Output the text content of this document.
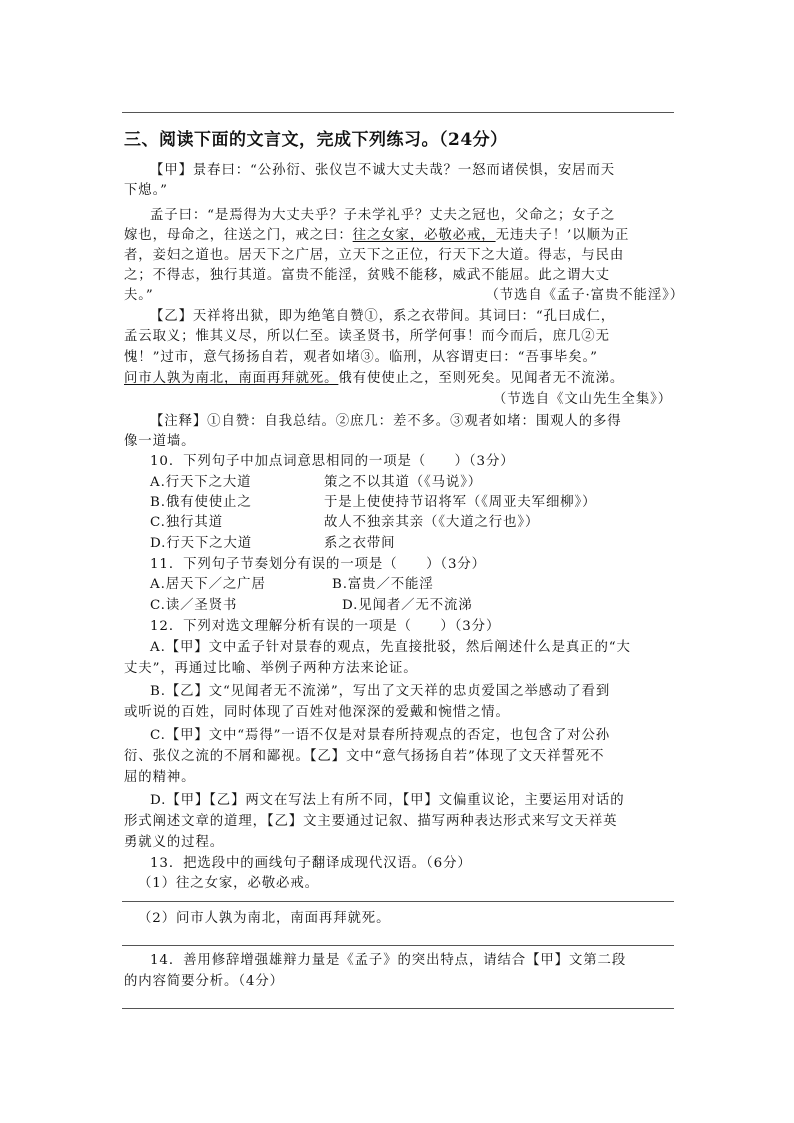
三、阅读下面的文言文，完成下列练习。（24分）
【甲】景春曰：“公孙衍、张仪岂不诚大丈夫哉？一怒而诸侯惧，安居而天
下熄。”
孟子曰：“是焉得为大丈夫乎？子未学礼乎？丈夫之冠也，父命之；女子之
嫁也，母命之，往送之门，戒之曰：往之女家，必敬必戒，无违夫子！’以顺为正
者，妾妇之道也。居天下之广居，立天下之正位，行天下之大道。得志，与民由
之；不得志，独行其道。富贵不能淫，贫贱不能移，威武不能屈。此之谓大丈
夫。”	（节选自《孟子·富贵不能淫》）
【乙】天祥将出狱，即为绝笔自赞①，系之衣带间。其词曰：“孔曰成仁，
孟云取义；惟其义尽，所以仁至。读圣贤书，所学何事！而今而后，庶几②无
愧！”过市，意气扬扬自若，观者如堵③。临刑，从容谓吏曰：“吾事毕矣。”
问市人孰为南北，南面再拜就死。俄有使使止之，至则死矣。见闻者无不流涕。
（节选自《文山先生全集》）
【注释】①自赞：自我总结。②庶几：差不多。③观者如堵：围观人的多得
像一道墙。
10．下列句子中加点词意思相同的一项是（　　）（3分）
A.行天下之大道	策之不以其道（《马说》）
B.俄有使使止之	于是上使使持节诏将军（《周亚夫军细柳》）
C.独行其道	故人不独亲其亲（《大道之行也》）
D.行天下之大道	系之衣带间
11．下列句子节奏划分有误的一项是（　　）（3分）
A.居天下／之广居	B.富贵／不能淫
C.读／圣贤书	D.见闻者／无不流涕
12．下列对选文理解分析有误的一项是（　　）（3分）
A.【甲】文中孟子针对景春的观点，先直接批驳，然后阐述什么是真正的“大
丈夫”，再通过比喻、举例子两种方法来论证。
B.【乙】文“见闻者无不流涕”，写出了文天祥的忠贞爱国之举感动了看到
或听说的百姓，同时体现了百姓对他深深的爱戴和惋惜之情。
C.【甲】文中“焉得”一语不仅是对景春所持观点的否定，也包含了对公孙
衍、张仪之流的不屑和鄙视。【乙】文中“意气扬扬自若”体现了文天祥誓死不
屈的精神。
D.【甲】【乙】两文在写法上有所不同，【甲】文偏重议论，主要运用对话的
形式阐述文章的道理，【乙】文主要通过记叙、描写两种表达形式来写文天祥英
勇就义的过程。
13．把选段中的画线句子翻译成现代汉语。（6分）
（1）往之女家，必敬必戒。
（2）问市人孰为南北，南面再拜就死。
14．善用修辞增强雄辩力量是《孟子》的突出特点，请结合【甲】文第二段
的内容简要分析。（4分）
